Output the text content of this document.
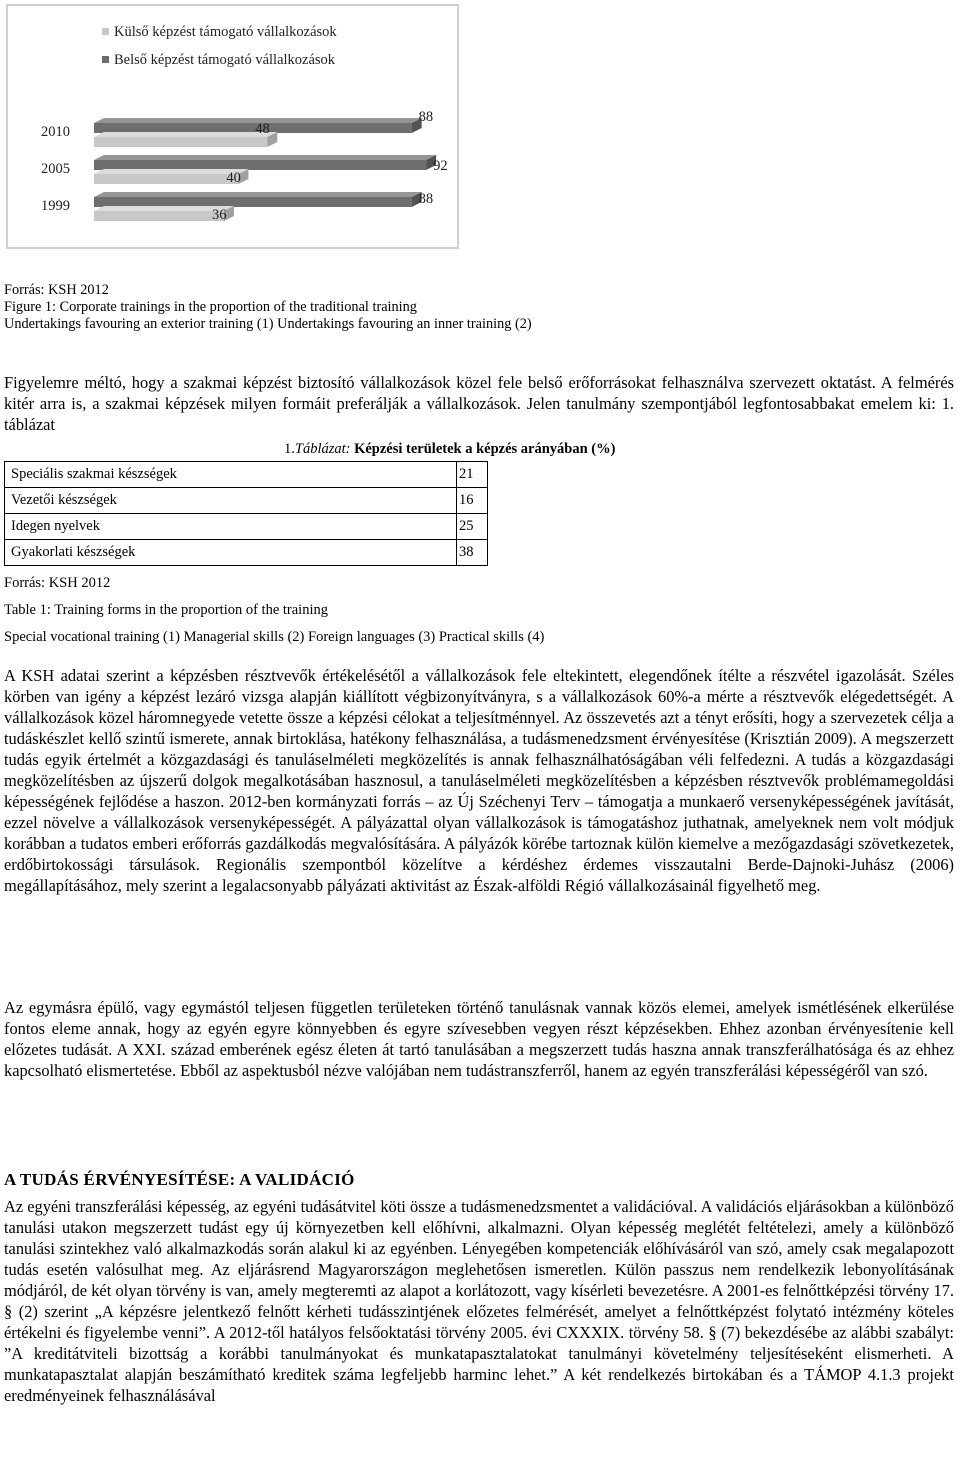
Külső képzést támogató vállalkozások
Belső képzést támogató vállalkozások
2010
88
48
2005	92
40
1999	88
36
Forrás: KSH 2012
Figure 1: Corporate trainings in the proportion of the traditional training
Undertakings favouring an exterior training (1) Undertakings favouring an inner training (2)

Figyelemre méltó, hogy a szakmai képzést biztosító vállalkozások közel fele belső erőforrásokat felhasználva szervezett oktatást. A felmérés kitér arra is, a szakmai képzések milyen formáit preferálják a vállalkozások. Jelen tanulmány szempontjából legfontosabbakat emelem ki: 1. táblázat

1.Táblázat: Képzési területek a képzés arányában (%)
Speciális szakmai készségek	21
Vezetői készségek	16
Idegen nyelvek	25
Gyakorlati készségek	38
Forrás: KSH 2012
Table 1: Training forms in the proportion of the training
Special vocational training (1) Managerial skills (2) Foreign languages (3) Practical skills (4)

A KSH adatai szerint a képzésben résztvevők értékelésétől a vállalkozások fele eltekintett, elegendőnek ítélte a részvétel igazolását. Széles körben van igény a képzést lezáró vizsga alapján kiállított végbizonyítványra, s a vállalkozások 60%-a mérte a résztvevők elégedettségét. A vállalkozások közel háromnegyede vetette össze a képzési célokat a teljesítménnyel. Az összevetés azt a tényt erősíti, hogy a szervezetek célja a tudáskészlet kellő szintű ismerete, annak birtoklása, hatékony felhasználása, a tudásmenedzsment érvényesítése (Krisztián 2009). A megszerzett tudás egyik értelmét a közgazdasági és tanuláselméleti megközelítés is annak felhasználhatóságában véli felfedezni. A tudás a közgazdasági megközelítésben az újszerű dolgok megalkotásában hasznosul, a tanuláselméleti megközelítésben a képzésben résztvevők problémamegoldási képességének fejlődése a haszon. 2012-ben kormányzati forrás – az Új Széchenyi Terv – támogatja a munkaerő versenyképességének javítását, ezzel növelve a vállalkozások versenyképességét. A pályázattal olyan vállalkozások is támogatáshoz juthatnak, amelyeknek nem volt módjuk korábban a tudatos emberi erőforrás gazdálkodás megvalósítására. A pályázók körébe tartoznak külön kiemelve a mezőgazdasági szövetkezetek, erdőbirtokossági társulások. Regionális szempontból közelítve a kérdéshez érdemes visszautalni Berde-Dajnoki-Juhász (2006) megállapításához, mely szerint a legalacsonyabb pályázati aktivitást az Észak-alföldi Régió vállalkozásainál figyelhető meg.

Az egymásra épülő, vagy egymástól teljesen független területeken történő tanulásnak vannak közös elemei, amelyek ismétlésének elkerülése fontos eleme annak, hogy az egyén egyre könnyebben és egyre szívesebben vegyen részt képzésekben. Ehhez azonban érvényesítenie kell előzetes tudását. A XXI. század emberének egész életen át tartó tanulásában a megszerzett tudás haszna annak transzferálhatósága és az ehhez kapcsolható elismertetése. Ebből az aspektusból nézve valójában nem tudástranszferről, hanem az egyén transzferálási képességéről van szó.

A TUDÁS ÉRVÉNYESÍTÉSE: A VALIDÁCIÓ

Az egyéni transzferálási képesség, az egyéni tudásátvitel köti össze a tudásmenedzsmentet a validációval. A validációs eljárásokban a különböző tanulási utakon megszerzett tudást egy új környezetben kell előhívni, alkalmazni. Olyan képesség meglétét feltételezi, amely a különböző tanulási szintekhez való alkalmazkodás során alakul ki az egyénben. Lényegében kompetenciák előhívásáról van szó, amely csak megalapozott tudás esetén valósulhat meg. Az eljárásrend Magyarországon meglehetősen ismeretlen. Külön passzus nem rendelkezik lebonyolításának módjáról, de két olyan törvény is van, amely megteremti az alapot a korlátozott, vagy kísérleti bevezetésre. A 2001-es felnőttképzési törvény 17. § (2) szerint „A képzésre jelentkező felnőtt kérheti tudásszintjének előzetes felmérését, amelyet a felnőttképzést folytató intézmény köteles értékelni és figyelembe venni”. A 2012-től hatályos felsőoktatási törvény 2005. évi CXXXIX. törvény 58. § (7) bekezdésébe az alábbi szabályt: ”A kreditátviteli bizottság a korábbi tanulmányokat és munkatapasztalatokat tanulmányi követelmény teljesítéseként elismerheti. A munkatapasztalat alapján beszámítható kreditek száma legfeljebb harminc lehet.” A két rendelkezés birtokában és a TÁMOP 4.1.3 projekt eredményeinek felhasználásával
